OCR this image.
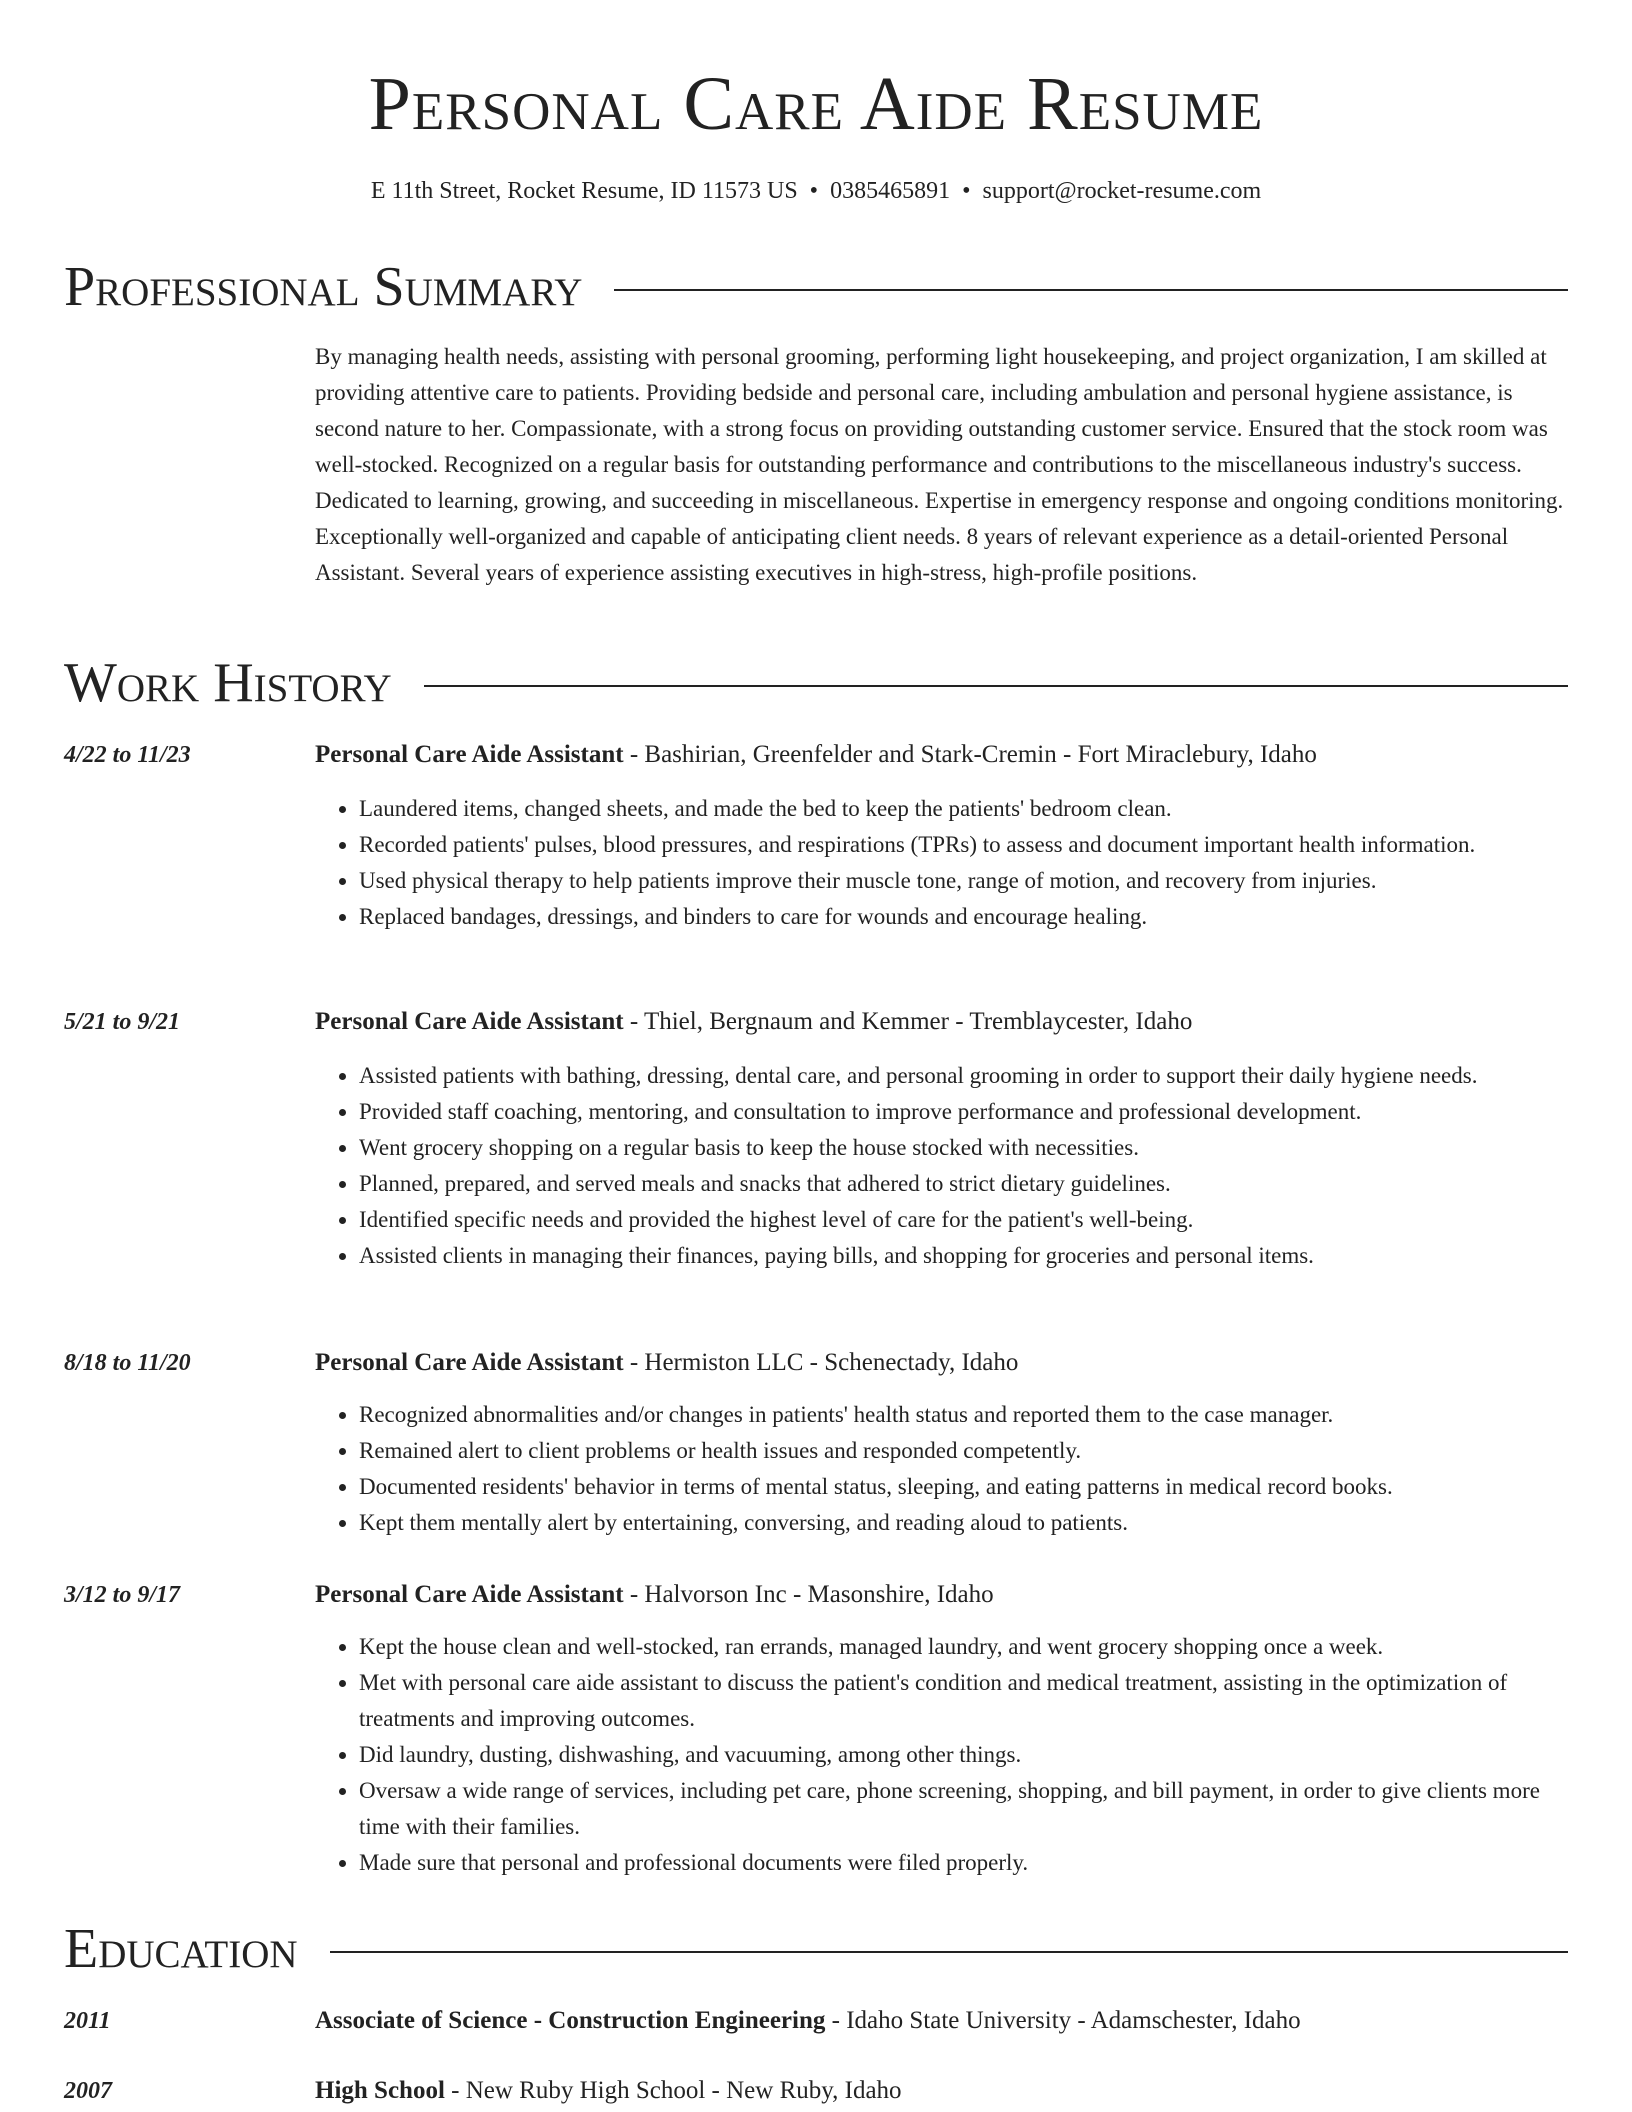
Personal Care Aide Resume
E 11th Street, Rocket Resume, ID 11573 US • 0385465891 • support@rocket-resume.com
Professional Summary
By managing health needs, assisting with personal grooming, performing light housekeeping, and project organization, I am skilled at providing attentive care to patients. Providing bedside and personal care, including ambulation and personal hygiene assistance, is second nature to her. Compassionate, with a strong focus on providing outstanding customer service. Ensured that the stock room was well-stocked. Recognized on a regular basis for outstanding performance and contributions to the miscellaneous industry's success. Dedicated to learning, growing, and succeeding in miscellaneous. Expertise in emergency response and ongoing conditions monitoring. Exceptionally well-organized and capable of anticipating client needs. 8 years of relevant experience as a detail-oriented Personal Assistant. Several years of experience assisting executives in high-stress, high-profile positions.
Work History
4/22 to 11/23	Personal Care Aide Assistant - Bashirian, Greenfelder and Stark-Cremin - Fort Miraclebury, Idaho
• Laundered items, changed sheets, and made the bed to keep the patients' bedroom clean.
• Recorded patients' pulses, blood pressures, and respirations (TPRs) to assess and document important health information.
• Used physical therapy to help patients improve their muscle tone, range of motion, and recovery from injuries.
• Replaced bandages, dressings, and binders to care for wounds and encourage healing.
5/21 to 9/21	Personal Care Aide Assistant - Thiel, Bergnaum and Kemmer - Tremblaycester, Idaho
• Assisted patients with bathing, dressing, dental care, and personal grooming in order to support their daily hygiene needs.
• Provided staff coaching, mentoring, and consultation to improve performance and professional development.
• Went grocery shopping on a regular basis to keep the house stocked with necessities.
• Planned, prepared, and served meals and snacks that adhered to strict dietary guidelines.
• Identified specific needs and provided the highest level of care for the patient's well-being.
• Assisted clients in managing their finances, paying bills, and shopping for groceries and personal items.
8/18 to 11/20	Personal Care Aide Assistant - Hermiston LLC - Schenectady, Idaho
• Recognized abnormalities and/or changes in patients' health status and reported them to the case manager.
• Remained alert to client problems or health issues and responded competently.
• Documented residents' behavior in terms of mental status, sleeping, and eating patterns in medical record books.
• Kept them mentally alert by entertaining, conversing, and reading aloud to patients.
3/12 to 9/17	Personal Care Aide Assistant - Halvorson Inc - Masonshire, Idaho
• Kept the house clean and well-stocked, ran errands, managed laundry, and went grocery shopping once a week.
• Met with personal care aide assistant to discuss the patient's condition and medical treatment, assisting in the optimization of treatments and improving outcomes.
• Did laundry, dusting, dishwashing, and vacuuming, among other things.
• Oversaw a wide range of services, including pet care, phone screening, shopping, and bill payment, in order to give clients more time with their families.
• Made sure that personal and professional documents were filed properly.
Education
2011	Associate of Science - Construction Engineering - Idaho State University - Adamschester, Idaho
2007	High School - New Ruby High School - New Ruby, Idaho
